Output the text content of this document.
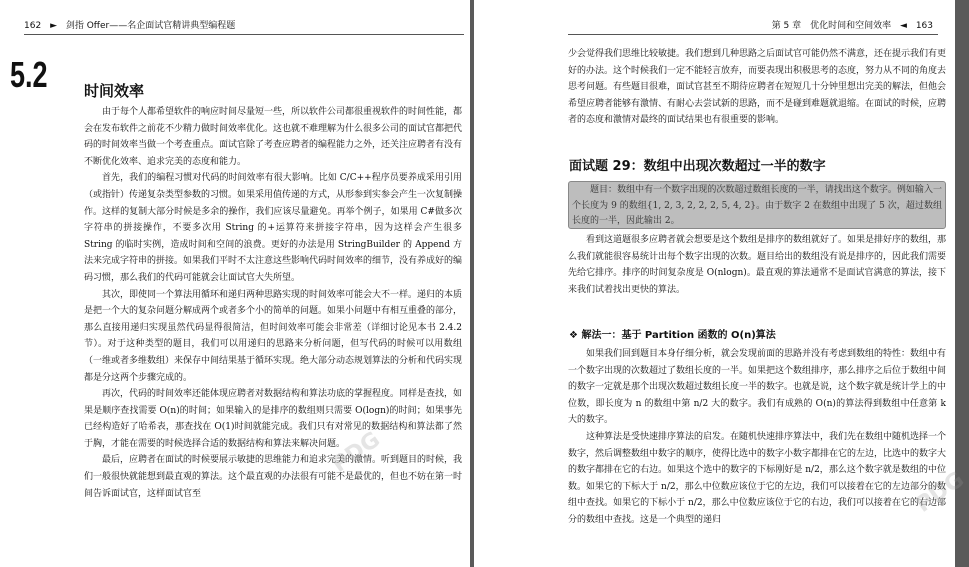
162 ► 剑指 Offer——名企面试官精讲典型编程题
5.2 时间效率

由于每个人都希望软件的响应时间尽量短一些，所以软件公司都很重视软件的时间性能，都会在发布软件之前花不少精力做时间效率优化。这也就不难理解为什么很多公司的面试官都把代码的时间效率当做一个考查重点。面试官除了考查应聘者的编程能力之外，还关注应聘者有没有不断优化效率、追求完美的态度和能力。

首先，我们的编程习惯对代码的时间效率有很大影响。比如 C/C++程序员要养成采用引用（或指针）传递复杂类型参数的习惯。如果采用值传递的方式，从形参到实参会产生一次复制操作。这样的复制大部分时候是多余的操作，我们应该尽量避免。再举个例子，如果用 C#做多次字符串的拼接操作，不要多次用 String 的+运算符来拼接字符串，因为这样会产生很多 String 的临时实例，造成时间和空间的浪费。更好的办法是用 StringBuilder 的 Append 方法来完成字符串的拼接。如果我们平时不太注意这些影响代码时间效率的细节，没有养成好的编码习惯，那么我们的代码可能就会让面试官大失所望。

其次，即使同一个算法用循环和递归两种思路实现的时间效率可能会大不一样。递归的本质是把一个大的复杂问题分解成两个或者多个小的简单的问题。如果小问题中有相互重叠的部分，那么直接用递归实现虽然代码显得很简洁，但时间效率可能会非常差（详细讨论见本书 2.4.2 节）。对于这种类型的题目，我们可以用递归的思路来分析问题，但写代码的时候可以用数组（一维或者多维数组）来保存中间结果基于循环实现。绝大部分动态规划算法的分析和代码实现都是分这两个步骤完成的。

再次，代码的时间效率还能体现应聘者对数据结构和算法功底的掌握程度。同样是查找，如果是顺序查找需要 O(n)的时间；如果输入的是排序的数组则只需要 O(logn)的时间；如果事先已经构造好了哈希表，那查找在 O(1)时间就能完成。我们只有对常见的数据结构和算法都了然于胸，才能在需要的时候选择合适的数据结构和算法来解决问题。

最后，应聘者在面试的时候要展示敏捷的思维能力和追求完美的激情。听到题目的时候，我们一般很快就能想到最直观的算法。这个最直观的办法很有可能不是最优的，但也不妨在第一时间告诉面试官，这样面试官至

PDG
第 5 章　优化时间和空间效率 ◄ 163

少会觉得我们思维比较敏捷。我们想到几种思路之后面试官可能仍然不满意，还在提示我们有更好的办法。这个时候我们一定不能轻言放弃，而要表现出积极思考的态度，努力从不同的角度去思考问题。有些题目很难，面试官甚至不期待应聘者在短短几十分钟里想出完美的解法，但他会希望应聘者能够有激情、有耐心去尝试新的思路，而不是碰到难题就退缩。在面试的时候，应聘者的态度和激情对最终的面试结果也有很重要的影响。

面试题 29：数组中出现次数超过一半的数字
题目：数组中有一个数字出现的次数超过数组长度的一半，请找出这个数字。例如输入一个长度为 9 的数组{1, 2, 3, 2, 2, 2, 5, 4, 2}。由于数字 2 在数组中出现了 5 次，超过数组长度的一半，因此输出 2。

看到这道题很多应聘者就会想要是这个数组是排序的数组就好了。如果是排好序的数组，那么我们就能很容易统计出每个数字出现的次数。题目给出的数组没有说是排序的，因此我们需要先给它排序。排序的时间复杂度是 O(nlogn)。最直观的算法通常不是面试官满意的算法，接下来我们试着找出更快的算法。

❖ 解法一：基于 Partition 函数的 O(n)算法

如果我们回到题目本身仔细分析，就会发现前面的思路并没有考虑到数组的特性：数组中有一个数字出现的次数超过了数组长度的一半。如果把这个数组排序，那么排序之后位于数组中间的数字一定就是那个出现次数超过数组长度一半的数字。也就是说，这个数字就是统计学上的中位数，即长度为 n 的数组中第 n/2 大的数字。我们有成熟的 O(n)的算法得到数组中任意第 k 大的数字。

这种算法是受快速排序算法的启发。在随机快速排序算法中，我们先在数组中随机选择一个数字，然后调整数组中数字的顺序，使得比选中的数字小数字都排在它的左边，比选中的数字大的数字都排在它的右边。如果这个选中的数字的下标刚好是 n/2，那么这个数字就是数组的中位数。如果它的下标大于 n/2，那么中位数应该位于它的左边，我们可以接着在它的左边部分的数组中查找。如果它的下标小于 n/2，那么中位数应该位于它的右边，我们可以接着在它的右边部分的数组中查找。这是一个典型的递归

PDG
